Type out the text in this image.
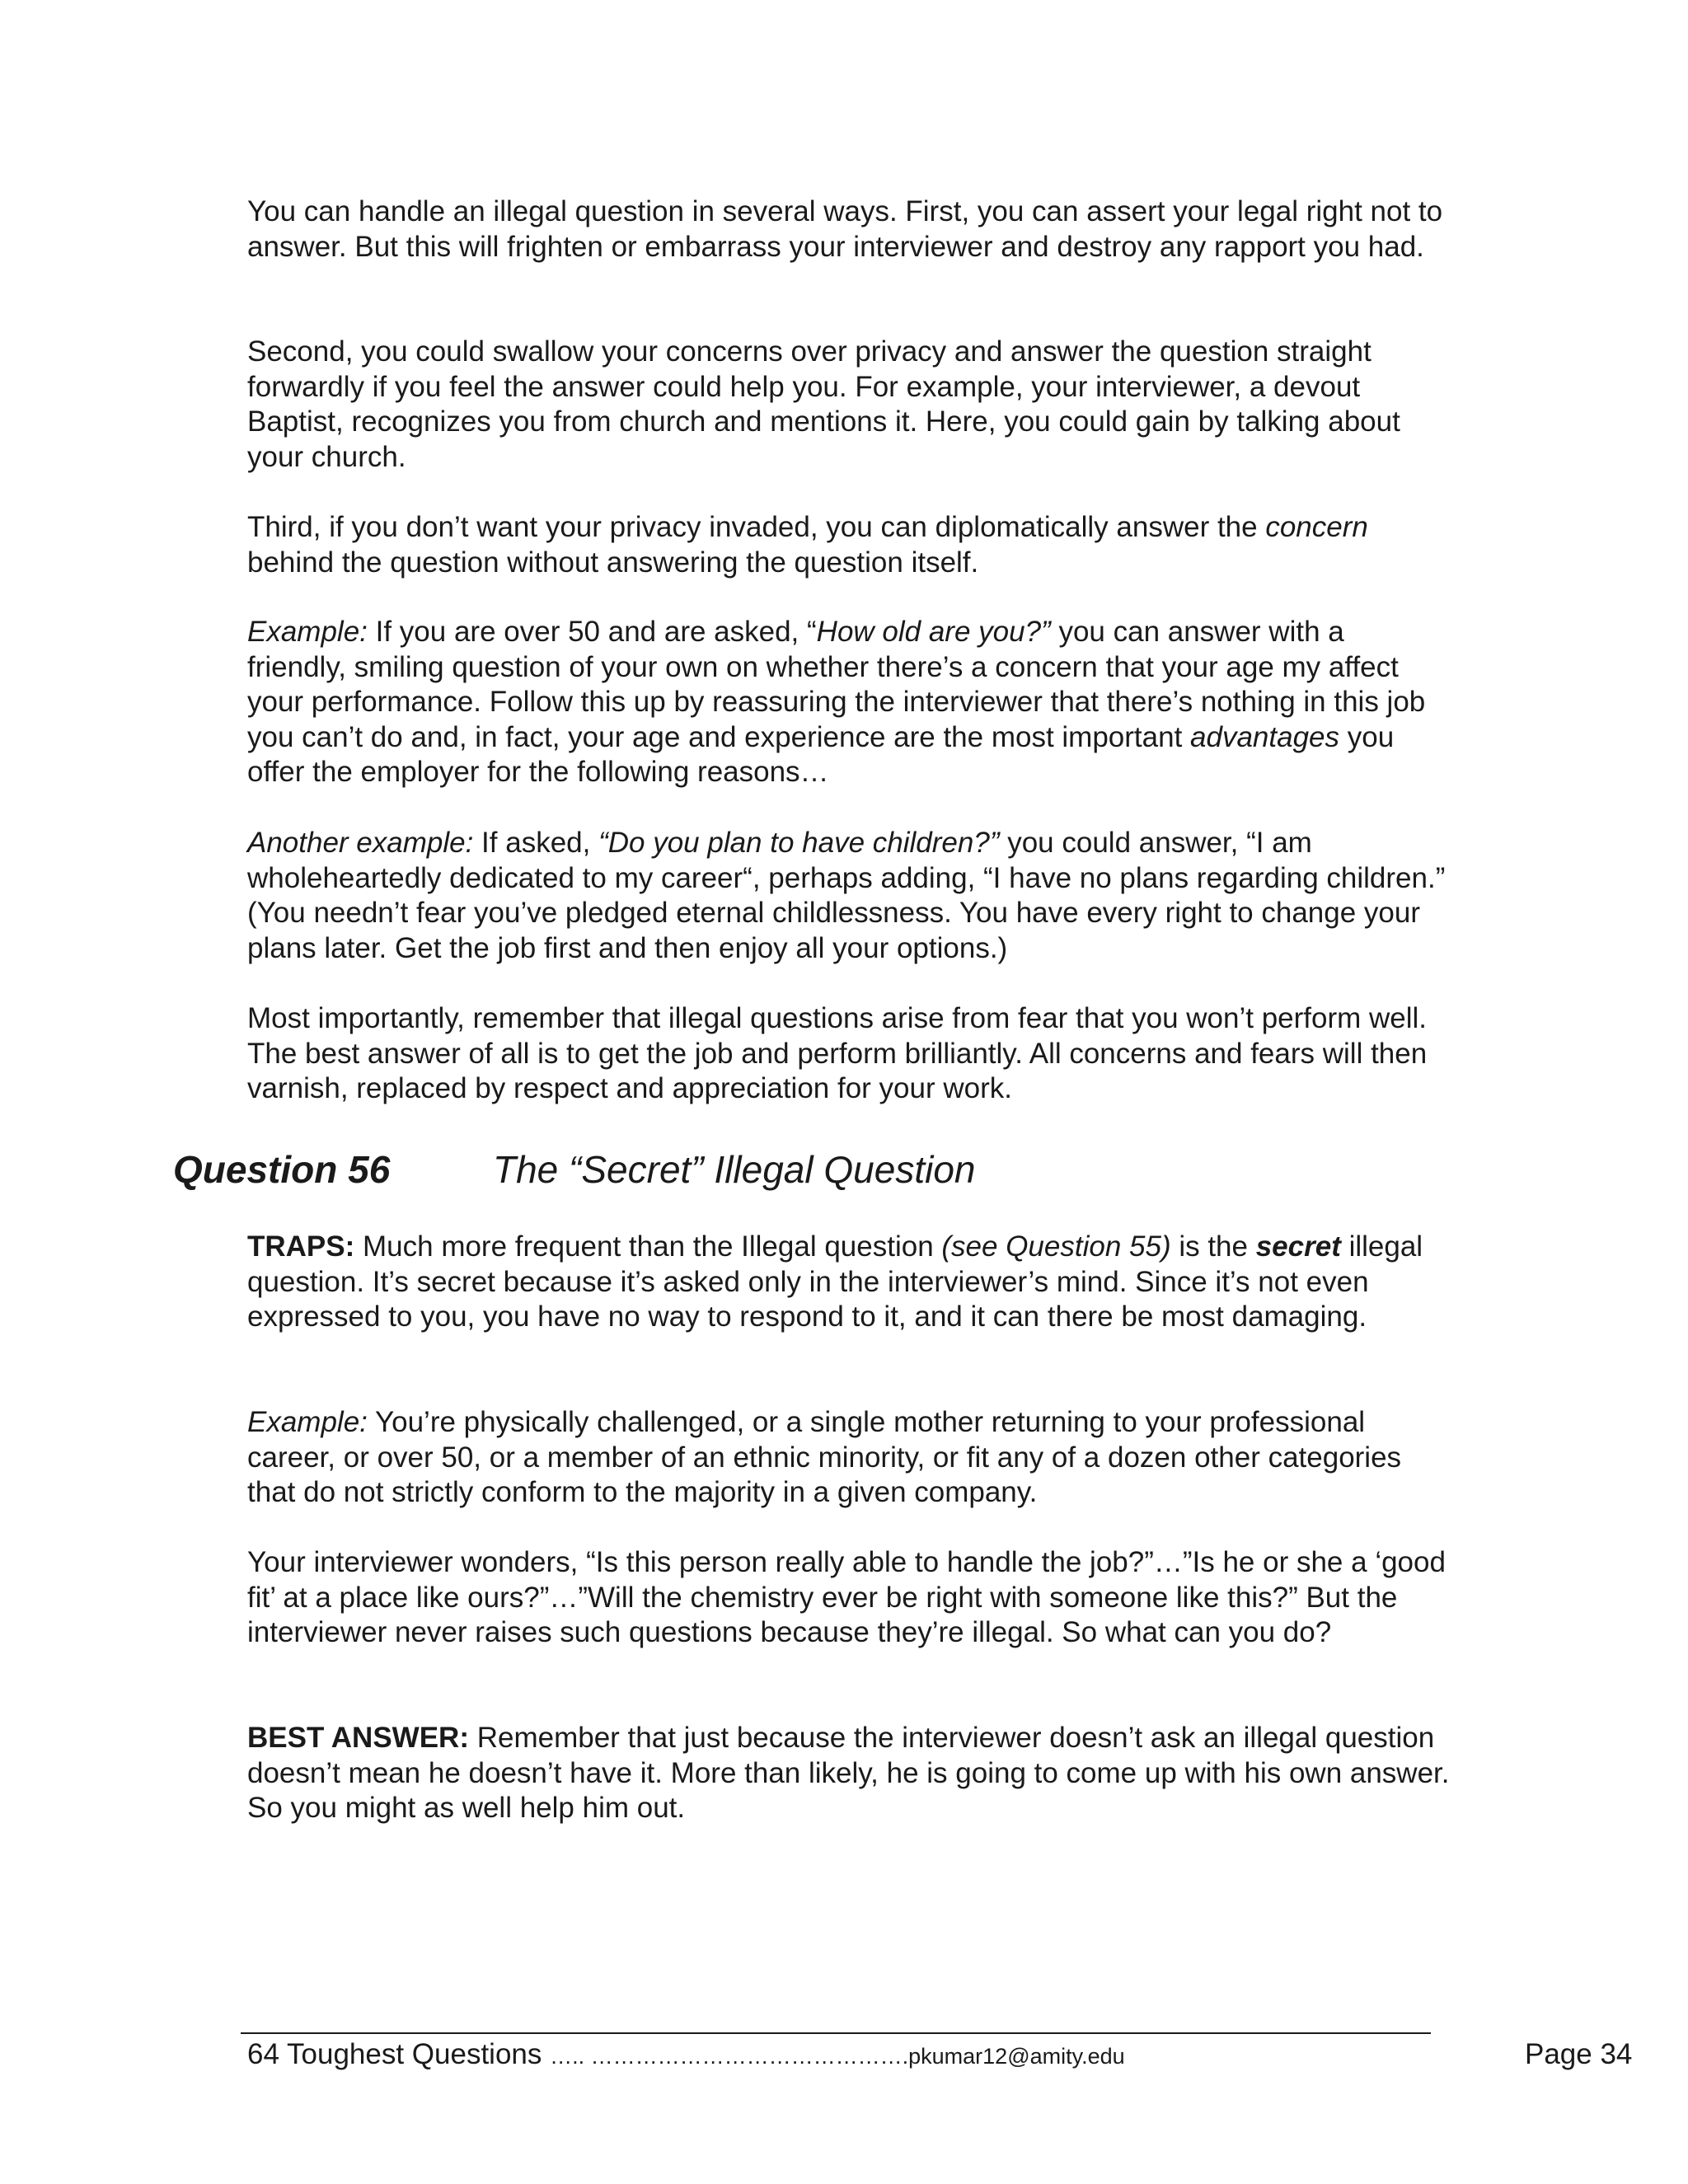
You can handle an illegal question in several ways. First, you can assert your legal right not to answer. But this will frighten or embarrass your interviewer and destroy any rapport you had.

Second, you could swallow your concerns over privacy and answer the question straight forwardly if you feel the answer could help you. For example, your interviewer, a devout Baptist, recognizes you from church and mentions it. Here, you could gain by talking about your church.

Third, if you don’t want your privacy invaded, you can diplomatically answer the concern behind the question without answering the question itself.

Example: If you are over 50 and are asked, “How old are you?” you can answer with a friendly, smiling question of your own on whether there’s a concern that your age my affect your performance. Follow this up by reassuring the interviewer that there’s nothing in this job you can’t do and, in fact, your age and experience are the most important advantages you offer the employer for the following reasons…

Another example: If asked, “Do you plan to have children?” you could answer, “I am wholeheartedly dedicated to my career“, perhaps adding, “I have no plans regarding children.” (You needn’t fear you’ve pledged eternal childlessness. You have every right to change your plans later. Get the job first and then enjoy all your options.)

Most importantly, remember that illegal questions arise from fear that you won’t perform well. The best answer of all is to get the job and perform brilliantly. All concerns and fears will then varnish, replaced by respect and appreciation for your work.

Question 56	The “Secret” Illegal Question

TRAPS: Much more frequent than the Illegal question (see Question 55) is the secret illegal question. It’s secret because it’s asked only in the interviewer’s mind. Since it’s not even expressed to you, you have no way to respond to it, and it can there be most damaging.

Example: You’re physically challenged, or a single mother returning to your professional career, or over 50, or a member of an ethnic minority, or fit any of a dozen other categories that do not strictly conform to the majority in a given company.

Your interviewer wonders, “Is this person really able to handle the job?”…”Is he or she a ‘good fit’ at a place like ours?”…”Will the chemistry ever be right with someone like this?” But the interviewer never raises such questions because they’re illegal. So what can you do?

BEST ANSWER: Remember that just because the interviewer doesn’t ask an illegal question doesn’t mean he doesn’t have it. More than likely, he is going to come up with his own answer. So you might as well help him out.

64 Toughest Questions ….. …………………………………….pkumar12@amity.edu	Page 34
